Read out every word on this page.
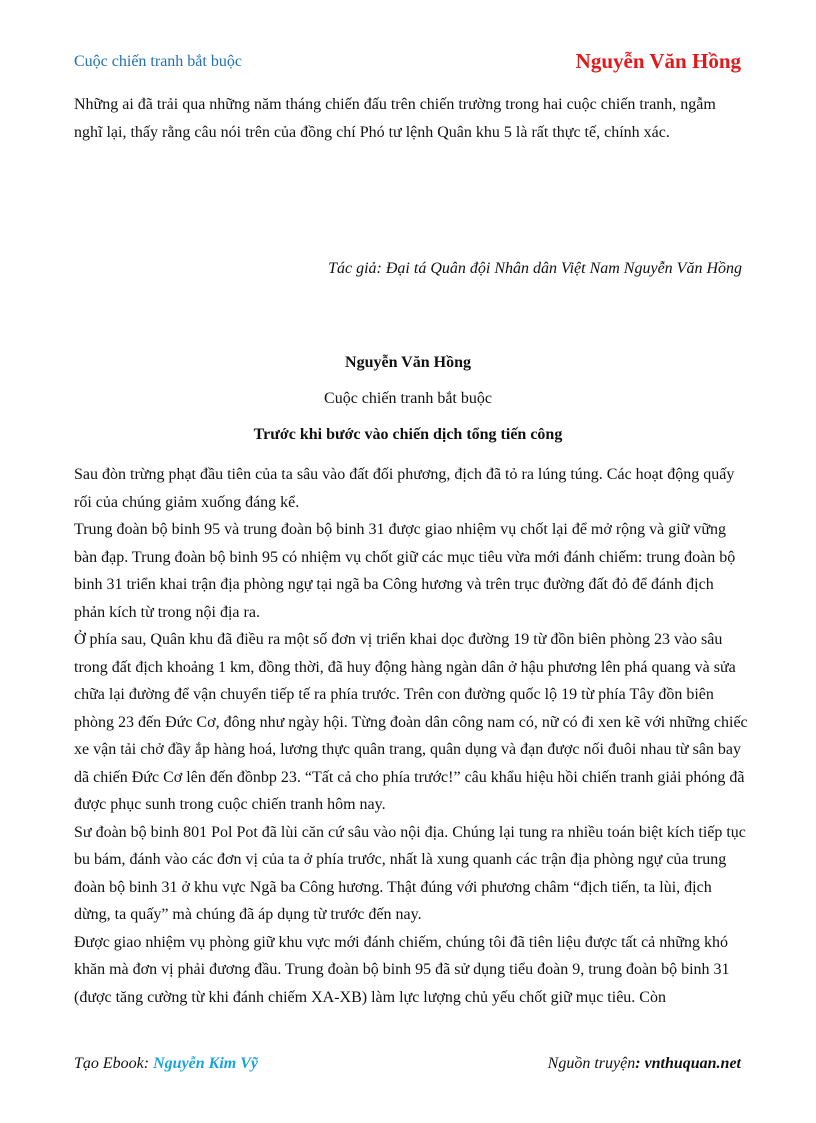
Cuộc chiến tranh bắt buộc	Nguyễn Văn Hồng
Những ai đã trải qua những năm tháng chiến đấu trên chiến trường trong hai cuộc chiến tranh, ngẫm nghĩ lại, thấy rằng câu nói trên của đồng chí Phó tư lệnh Quân khu 5 là rất thực tế, chính xác.
Tác giả: Đại tá Quân đội Nhân dân Việt Nam Nguyễn Văn Hồng
Nguyễn Văn Hồng
Cuộc chiến tranh bắt buộc
Trước khi bước vào chiến dịch tổng tiến công

Sau đòn trừng phạt đầu tiên của ta sâu vào đất đối phương, địch đã tỏ ra lúng túng. Các hoạt động quấy rối của chúng giảm xuống đáng kể.

Trung đoàn bộ binh 95 và trung đoàn bộ binh 31 được giao nhiệm vụ chốt lại để mở rộng và giữ vững bàn đạp. Trung đoàn bộ binh 95 có nhiệm vụ chốt giữ các mục tiêu vừa mới đánh chiếm: trung đoàn bộ binh 31 triển khai trận địa phòng ngự tại ngã ba Công hương và trên trục đường đất đỏ để đánh địch phản kích từ trong nội địa ra.

Ở phía sau, Quân khu đã điều ra một số đơn vị triển khai dọc đường 19 từ đồn biên phòng 23 vào sâu trong đất địch khoảng 1 km, đồng thời, đã huy động hàng ngàn dân ở hậu phương lên phá quang và sửa chữa lại đường để vận chuyển tiếp tế ra phía trước. Trên con đường quốc lộ 19 từ phía Tây đồn biên phòng 23 đến Đức Cơ, đông như ngày hội. Từng đoàn dân công nam có, nữ có đi xen kẽ với những chiếc xe vận tải chở đầy ắp hàng hoá, lương thực quân trang, quân dụng và đạn được nối đuôi nhau từ sân bay dã chiến Đức Cơ lên đến đồnbp 23. “Tất cả cho phía trước!” câu khẩu hiệu hồi chiến tranh giải phóng đã được phục sunh trong cuộc chiến tranh hôm nay.

Sư đoàn bộ binh 801 Pol Pot đã lùi căn cứ sâu vào nội địa. Chúng lại tung ra nhiều toán biệt kích tiếp tục bu bám, đánh vào các đơn vị của ta ở phía trước, nhất là xung quanh các trận địa phòng ngự của trung đoàn bộ binh 31 ở khu vực Ngã ba Công hương. Thật đúng với phương châm “địch tiến, ta lùi, địch dừng, ta quấy” mà chúng đã áp dụng từ trước đến nay.

Được giao nhiệm vụ phòng giữ khu vực mới đánh chiếm, chúng tôi đã tiên liệu được tất cả những khó khăn mà đơn vị phải đương đầu. Trung đoàn bộ binh 95 đã sử dụng tiểu đoàn 9, trung đoàn bộ binh 31 (được tăng cường từ khi đánh chiếm XA-XB) làm lực lượng chủ yếu chốt giữ mục tiêu. Còn

Tạo Ebook: Nguyễn Kim Vỹ	Nguồn truyện: vnthuquan.net
